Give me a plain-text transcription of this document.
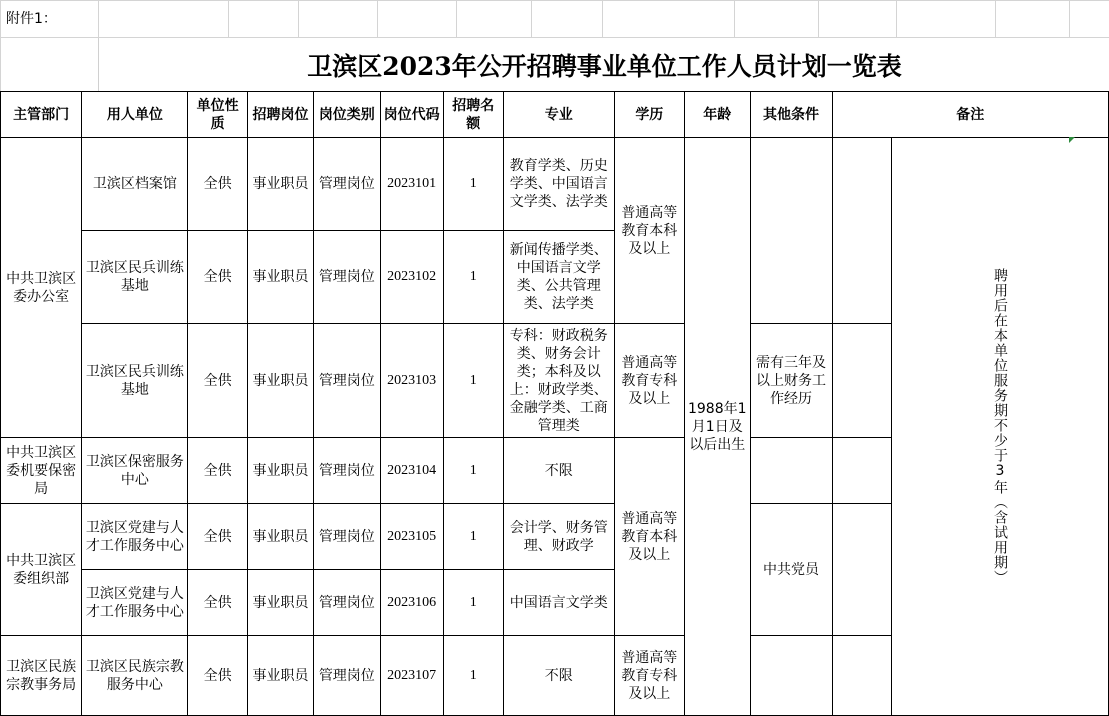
附件1：
卫滨区2023年公开招聘事业单位工作人员计划一览表
主管部门	用人单位	单位性质	招聘岗位	岗位类别	岗位代码	招聘名额	专业	学历	年龄	其他条件	备注	
中共卫滨区委办公室	卫滨区档案馆	全供	事业职员	管理岗位	2023101	1	教育学类、历史学类、中国语言文学类、法学类	普通高等教育本科及以上	1988年1月1日及以后出生			聘用后在本单位服务期不少于3年（含试用期）

	卫滨区民兵训练基地	全供	事业职员	管理岗位	2023102	1	新闻传播学类、中国语言文学类、公共管理类、法学类					
	卫滨区民兵训练基地	全供	事业职员	管理岗位	2023103	1	专科：财政税务类、财务会计类；本科及以上：财政学类、金融学类、工商管理类	普通高等教育专科及以上		需有三年及以上财务工作经历		
中共卫滨区委机要保密局	卫滨区保密服务中心	全供	事业职员	管理岗位	2023104	1	不限	普通高等教育本科及以上				
中共卫滨区委组织部	卫滨区党建与人才工作服务中心	全供	事业职员	管理岗位	2023105	1	会计学、财务管理、财政学			中共党员		
	卫滨区党建与人才工作服务中心	全供	事业职员	管理岗位	2023106	1	中国语言文学类					
卫滨区民族宗教事务局	卫滨区民族宗教服务中心	全供	事业职员	管理岗位	2023107	1	不限	普通高等教育专科及以上				
